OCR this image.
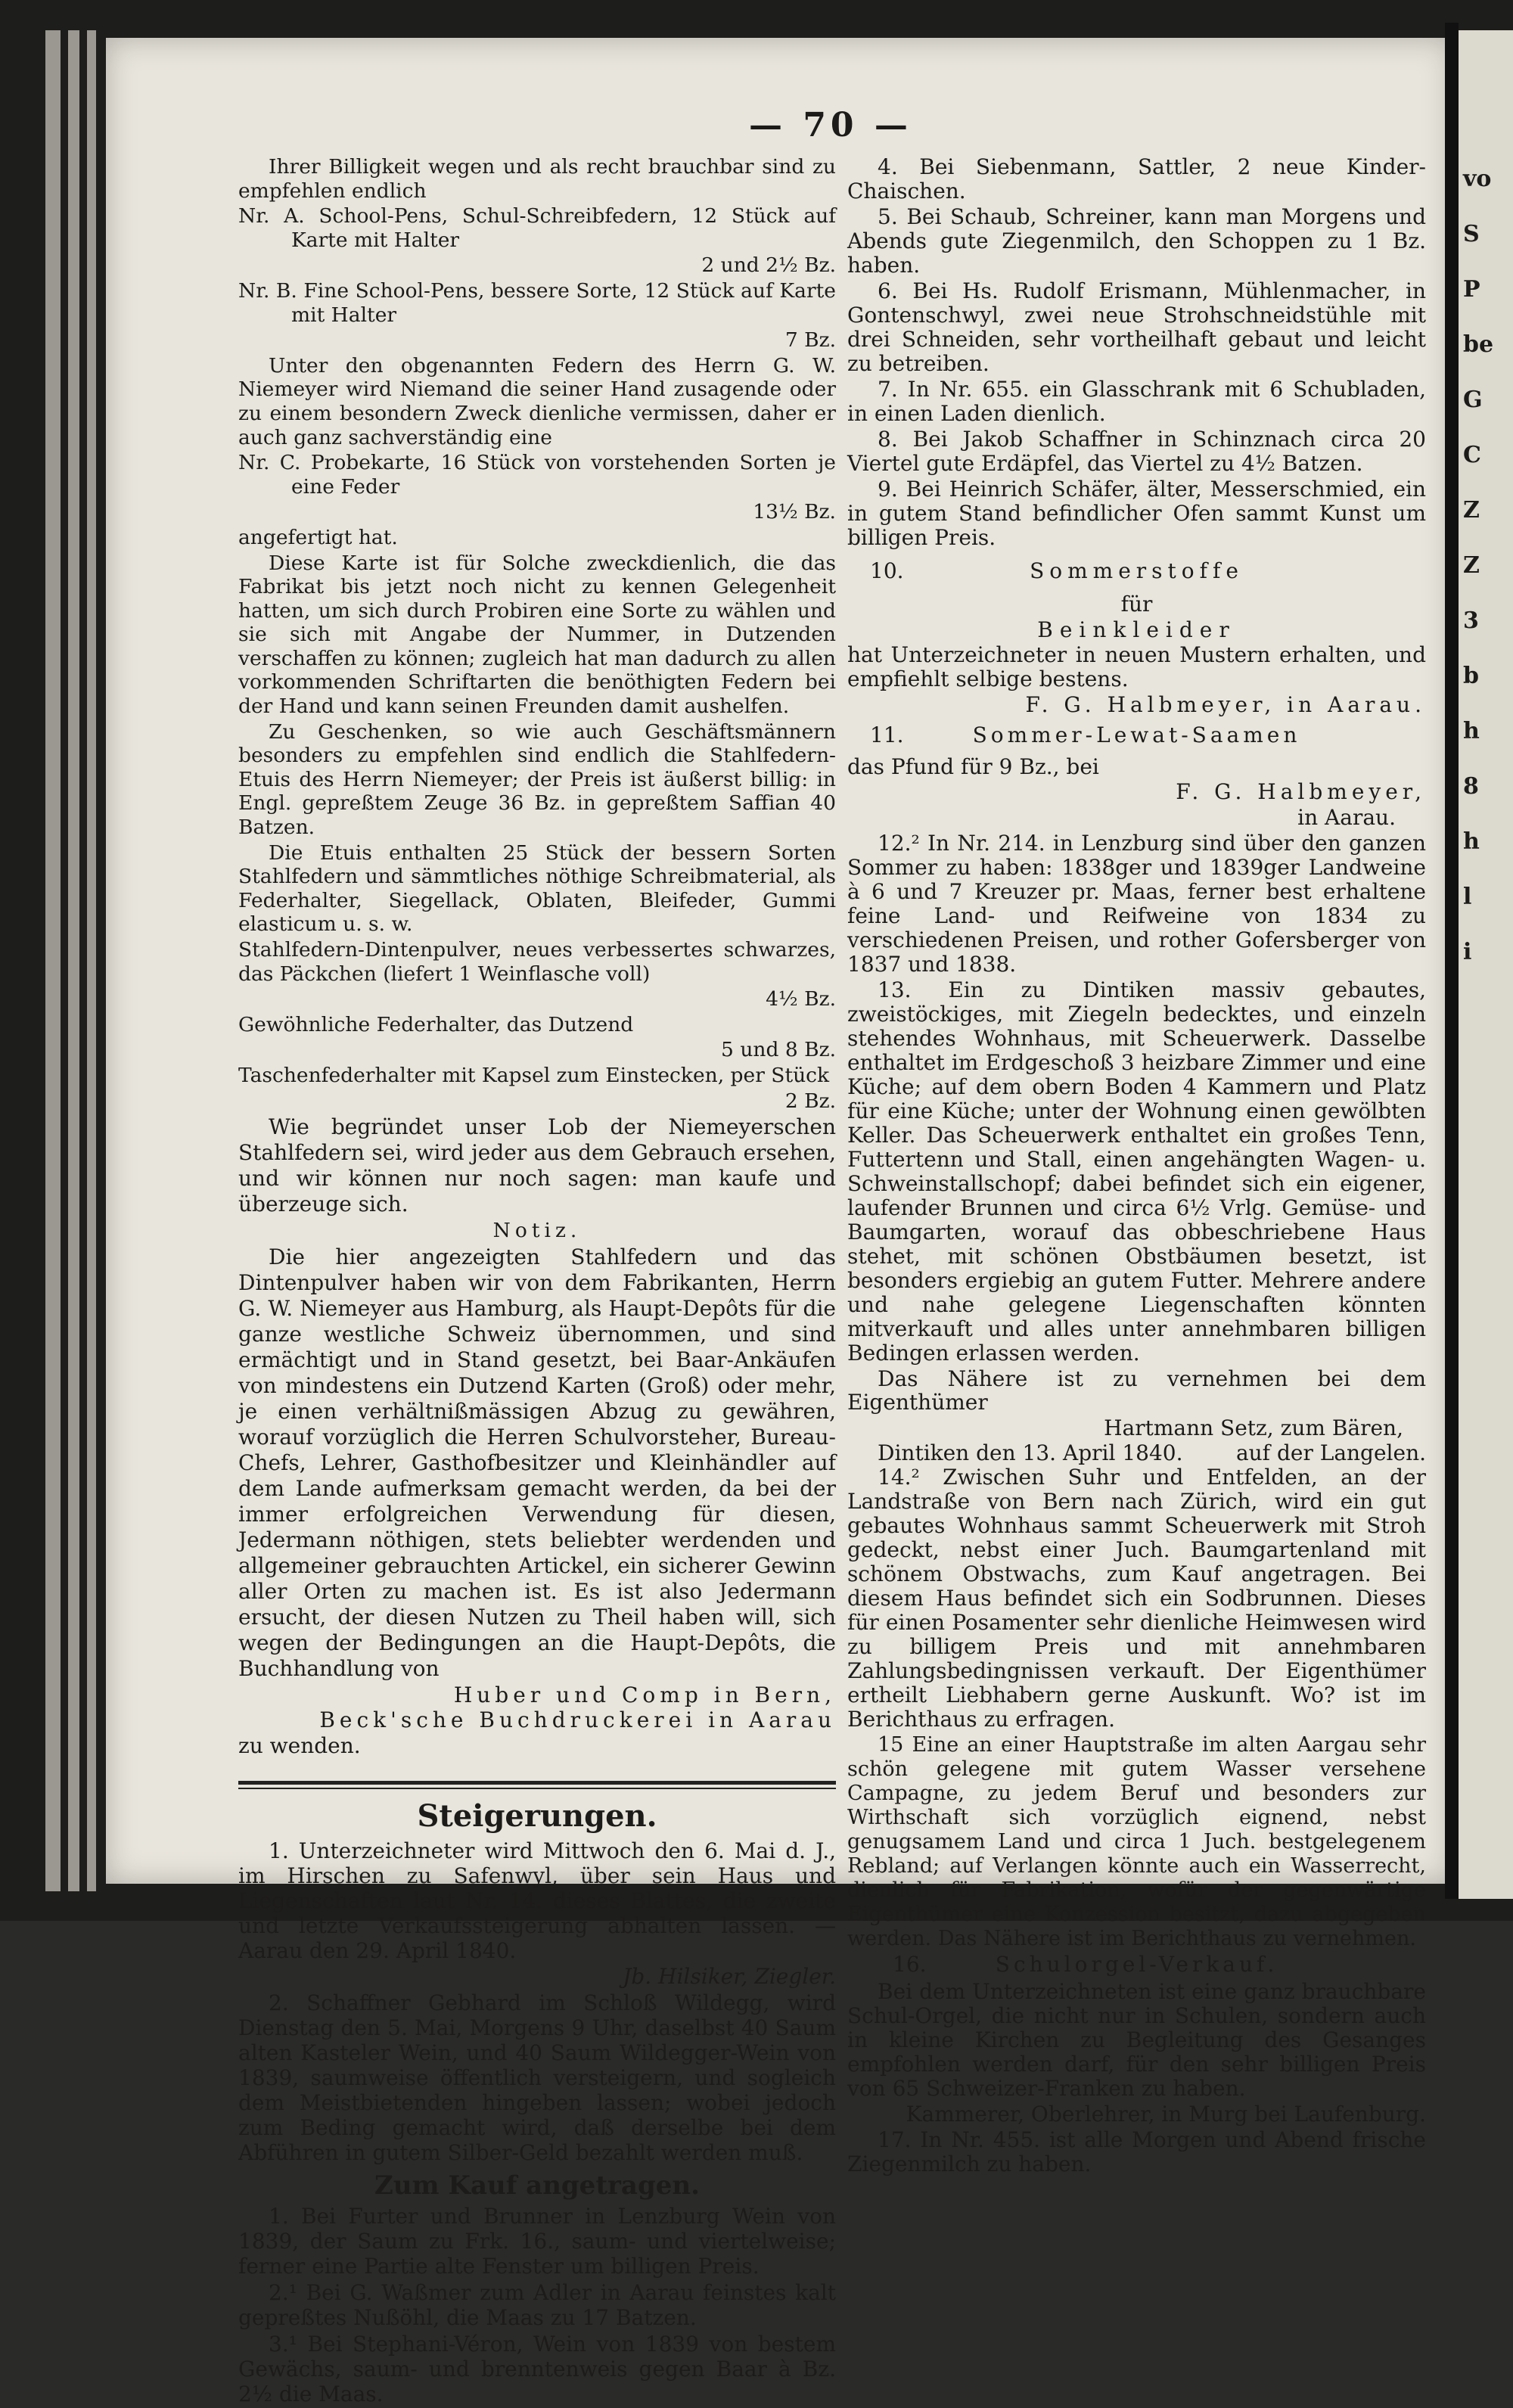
vo
S
P
be
G
C
Z
Z
3
b
h
8
h
l
i
— 70 —

Ihrer Billigkeit wegen und als recht brauchbar sind zu empfehlen endlich

Nr. A. School-Pens, Schul-Schreibfedern, 12 Stück auf Karte mit Halter

2 und 2½ Bz.

Nr. B. Fine School-Pens, bessere Sorte, 12 Stück auf Karte mit Halter

7 Bz.

Unter den obgenannten Federn des Herrn G. W. Niemeyer wird Niemand die seiner Hand zusagende oder zu einem besondern Zweck dienliche vermissen, daher er auch ganz sachverständig eine

Nr. C. Probekarte, 16 Stück von vorstehenden Sorten je eine Feder

13½ Bz.

angefertigt hat.

Diese Karte ist für Solche zweckdienlich, die das Fabrikat bis jetzt noch nicht zu kennen Gelegenheit hatten, um sich durch Probiren eine Sorte zu wählen und sie sich mit Angabe der Nummer, in Dutzenden verschaffen zu können; zugleich hat man dadurch zu allen vorkommenden Schriftarten die benöthigten Federn bei der Hand und kann seinen Freunden damit aushelfen.

Zu Geschenken, so wie auch Geschäftsmännern besonders zu empfehlen sind endlich die Stahlfedern-Etuis des Herrn Niemeyer; der Preis ist äußerst billig: in Engl. gepreßtem Zeuge 36 Bz. in gepreßtem Saffian 40 Batzen.

Die Etuis enthalten 25 Stück der bessern Sorten Stahlfedern und sämmtliches nöthige Schreibmaterial, als Federhalter, Siegellack, Oblaten, Bleifeder, Gummi elasticum u. s. w.

Stahlfedern-Dintenpulver, neues verbessertes schwarzes, das Päckchen (liefert 1 Weinflasche voll)

4½ Bz.

Gewöhnliche Federhalter, das Dutzend

5 und 8 Bz.

Taschenfederhalter mit Kapsel zum Einstecken, per Stück

2 Bz.

Wie begründet unser Lob der Niemeyerschen Stahlfedern sei, wird jeder aus dem Gebrauch ersehen, und wir können nur noch sagen: man kaufe und überzeuge sich.

Notiz.

Die hier angezeigten Stahlfedern und das Dintenpulver haben wir von dem Fabrikanten, Herrn G. W. Niemeyer aus Hamburg, als Haupt-Depôts für die ganze westliche Schweiz übernommen, und sind ermächtigt und in Stand gesetzt, bei Baar-Ankäufen von mindestens ein Dutzend Karten (Groß) oder mehr, je einen verhältnißmässigen Abzug zu gewähren, worauf vorzüglich die Herren Schulvorsteher, Bureau-Chefs, Lehrer, Gasthofbesitzer und Kleinhändler auf dem Lande aufmerksam gemacht werden, da bei der immer erfolgreichen Verwendung für diesen, Jedermann nöthigen, stets beliebter werdenden und allgemeiner gebrauchten Artickel, ein sicherer Gewinn aller Orten zu machen ist. Es ist also Jedermann ersucht, der diesen Nutzen zu Theil haben will, sich wegen der Bedingungen an die Haupt-Depôts, die Buchhandlung von

Huber und Comp in Bern,

Beck'sche Buchdruckerei in Aarau

zu wenden.

Steigerungen.

1. Unterzeichneter wird Mittwoch den 6. Mai d. J., im Hirschen zu Safenwyl, über sein Haus und Liegenschaften laut Nr. 14. dieses Blattes, die zweite und letzte Verkaufssteigerung abhalten lassen. — Aarau den 29. April 1840.

Jb. Hilsiker, Ziegler.

2. Schaffner Gebhard im Schloß Wildegg, wird Dienstag den 5. Mai, Morgens 9 Uhr, daselbst 40 Saum alten Kasteler Wein, und 40 Saum Wildegger-Wein von 1839, saumweise öffentlich versteigern, und sogleich dem Meistbietenden hingeben lassen; wobei jedoch zum Beding gemacht wird, daß derselbe bei dem Abführen in gutem Silber-Geld bezahlt werden muß.

Zum Kauf angetragen.

1. Bei Furter und Brunner in Lenzburg Wein von 1839, der Saum zu Frk. 16., saum- und viertelweise; ferner eine Partie alte Fenster um billigen Preis.

2.¹ Bei G. Waßmer zum Adler in Aarau feinstes kalt gepreßtes Nußöhl, die Maas zu 17 Batzen.

3.¹ Bei Stephani-Véron, Wein von 1839 von bestem Gewächs, saum- und brenntenweis gegen Baar à Bz. 2½ die Maas.

4. Bei Siebenmann, Sattler, 2 neue Kinder-Chaischen.

5. Bei Schaub, Schreiner, kann man Morgens und Abends gute Ziegenmilch, den Schoppen zu 1 Bz. haben.

6. Bei Hs. Rudolf Erismann, Mühlenmacher, in Gontenschwyl, zwei neue Strohschneidstühle mit drei Schneiden, sehr vortheilhaft gebaut und leicht zu betreiben.

7. In Nr. 655. ein Glasschrank mit 6 Schubladen, in einen Laden dienlich.

8. Bei Jakob Schaffner in Schinznach circa 20 Viertel gute Erdäpfel, das Viertel zu 4½ Batzen.

9. Bei Heinrich Schäfer, älter, Messerschmied, ein in gutem Stand befindlicher Ofen sammt Kunst um billigen Preis.

10.	Sommerstoffe

für

Beinkleider

hat Unterzeichneter in neuen Mustern erhalten, und empfiehlt selbige bestens.

F. G. Halbmeyer, in Aarau.

11.	Sommer-Lewat-Saamen

das Pfund für 9 Bz., bei

F. G. Halbmeyer,

in Aarau.

12.² In Nr. 214. in Lenzburg sind über den ganzen Sommer zu haben: 1838ger und 1839ger Landweine à 6 und 7 Kreuzer pr. Maas, ferner best erhaltene feine Land- und Reifweine von 1834 zu verschiedenen Preisen, und rother Gofersberger von 1837 und 1838.

13. Ein zu Dintiken massiv gebautes, zweistöckiges, mit Ziegeln bedecktes, und einzeln stehendes Wohnhaus, mit Scheuerwerk. Dasselbe enthaltet im Erdgeschoß 3 heizbare Zimmer und eine Küche; auf dem obern Boden 4 Kammern und Platz für eine Küche; unter der Wohnung einen gewölbten Keller. Das Scheuerwerk enthaltet ein großes Tenn, Futtertenn und Stall, einen angehängten Wagen- u. Schweinstallschopf; dabei befindet sich ein eigener, laufender Brunnen und circa 6½ Vrlg. Gemüse- und Baumgarten, worauf das obbeschriebene Haus stehet, mit schönen Obstbäumen besetzt, ist besonders ergiebig an gutem Futter. Mehrere andere und nahe gelegene Liegenschaften könnten mitverkauft und alles unter annehmbaren billigen Bedingen erlassen werden.

Das Nähere ist zu vernehmen bei dem Eigenthümer

Hartmann Setz, zum Bären,

Dintiken den 13. April 1840.	auf der Langelen.

14.² Zwischen Suhr und Entfelden, an der Landstraße von Bern nach Zürich, wird ein gut gebautes Wohnhaus sammt Scheuerwerk mit Stroh gedeckt, nebst einer Juch. Baumgartenland mit schönem Obstwachs, zum Kauf angetragen. Bei diesem Haus befindet sich ein Sodbrunnen. Dieses für einen Posamenter sehr dienliche Heimwesen wird zu billigem Preis und mit annehmbaren Zahlungsbedingnissen verkauft. Der Eigenthümer ertheilt Liebhabern gerne Auskunft. Wo? ist im Berichthaus zu erfragen.

15 Eine an einer Hauptstraße im alten Aargau sehr schön gelegene mit gutem Wasser versehene Campagne, zu jedem Beruf und besonders zur Wirthschaft sich vorzüglich eignend, nebst genugsamem Land und circa 1 Juch. bestgelegenem Rebland; auf Verlangen könnte auch ein Wasserrecht, dienlich für Fabrikation, wofür der gegenwärtige Eigenthümer eine Konzession besitzt, dazu abgegeben werden. Das Nähere ist im Berichthaus zu vernehmen.

16.	Schulorgel-Verkauf.

Bei dem Unterzeichneten ist eine ganz brauchbare Schul-Orgel, die nicht nur in Schulen, sondern auch in kleine Kirchen zu Begleitung des Gesanges empfohlen werden darf, für den sehr billigen Preis von 65 Schweizer-Franken zu haben.

Kammerer, Oberlehrer, in Murg bei Laufenburg.

17. In Nr. 455. ist alle Morgen und Abend frische Ziegenmilch zu haben.
